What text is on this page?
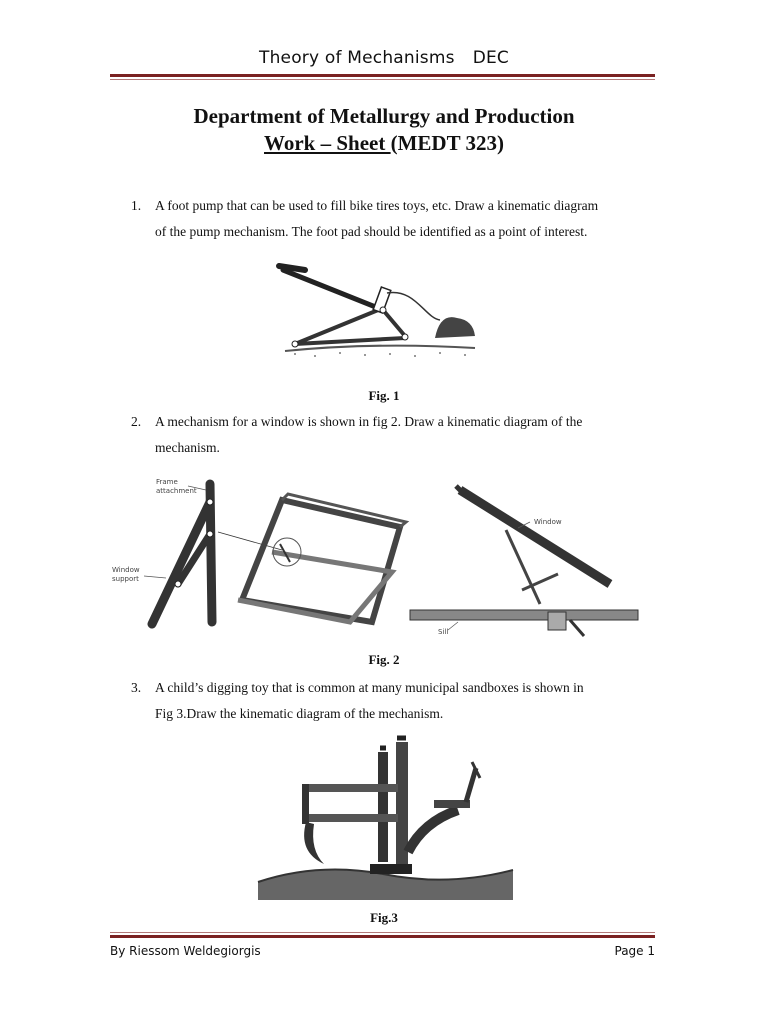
Theory of Mechanisms DEC
Department of Metallurgy and Production
Work – Sheet (MEDT 323)
1. A foot pump that can be used to fill bike tires toys, etc. Draw a kinematic diagram
of the pump mechanism. The foot pad should be identified as a point of interest.
Fig. 1
2. A mechanism for a window is shown in fig 2. Draw a kinematic diagram of the
mechanism.
Frame
attachment
Window
support
Window
Sill
Fig. 2
3. A child’s digging toy that is common at many municipal sandboxes is shown in
Fig 3.Draw the kinematic diagram of the mechanism.
Fig.3
By Riessom Weldegiorgis	Page 1
